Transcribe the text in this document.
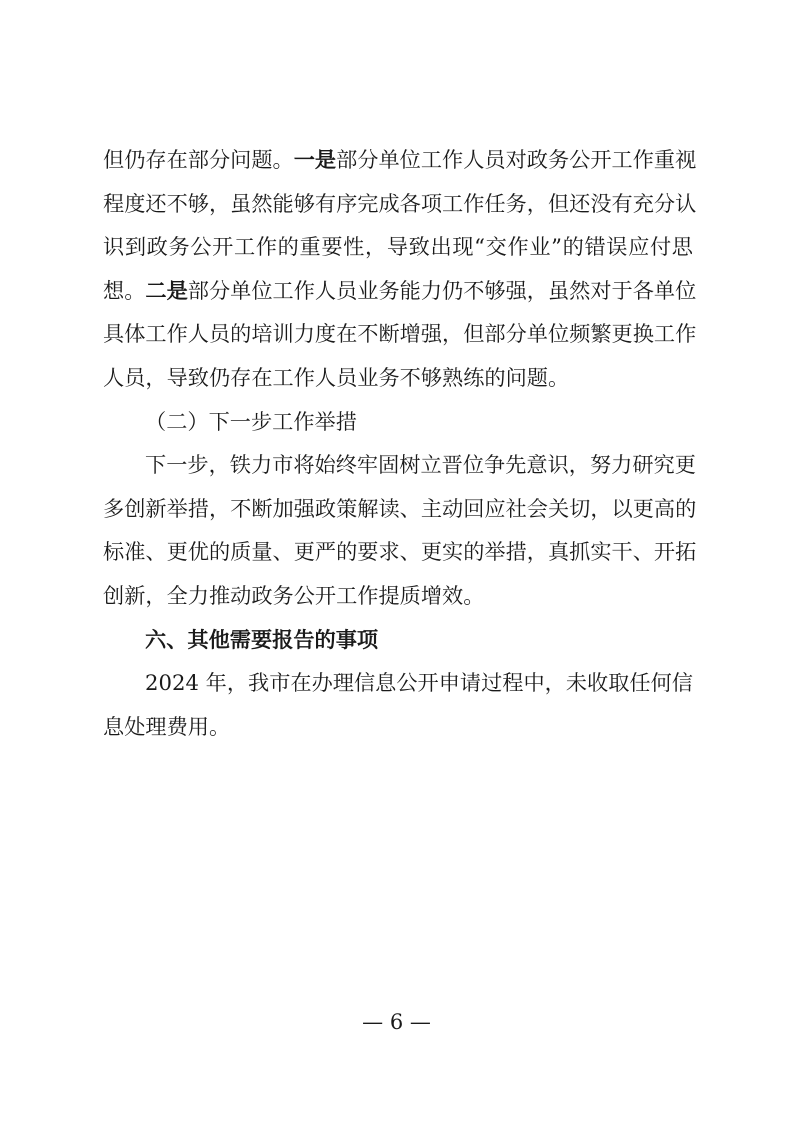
但仍存在部分问题。一是部分单位工作人员对政务公开工作重视
程度还不够，虽然能够有序完成各项工作任务，但还没有充分认
识到政务公开工作的重要性，导致出现“交作业”的错误应付思
想。二是部分单位工作人员业务能力仍不够强，虽然对于各单位
具体工作人员的培训力度在不断增强，但部分单位频繁更换工作
人员，导致仍存在工作人员业务不够熟练的问题。
（二）下一步工作举措
下一步，铁力市将始终牢固树立晋位争先意识，努力研究更
多创新举措，不断加强政策解读、主动回应社会关切，以更高的
标准、更优的质量、更严的要求、更实的举措，真抓实干、开拓
创新，全力推动政务公开工作提质增效。
六、其他需要报告的事项
2024 年，我市在办理信息公开申请过程中，未收取任何信
息处理费用。
— 6 —
